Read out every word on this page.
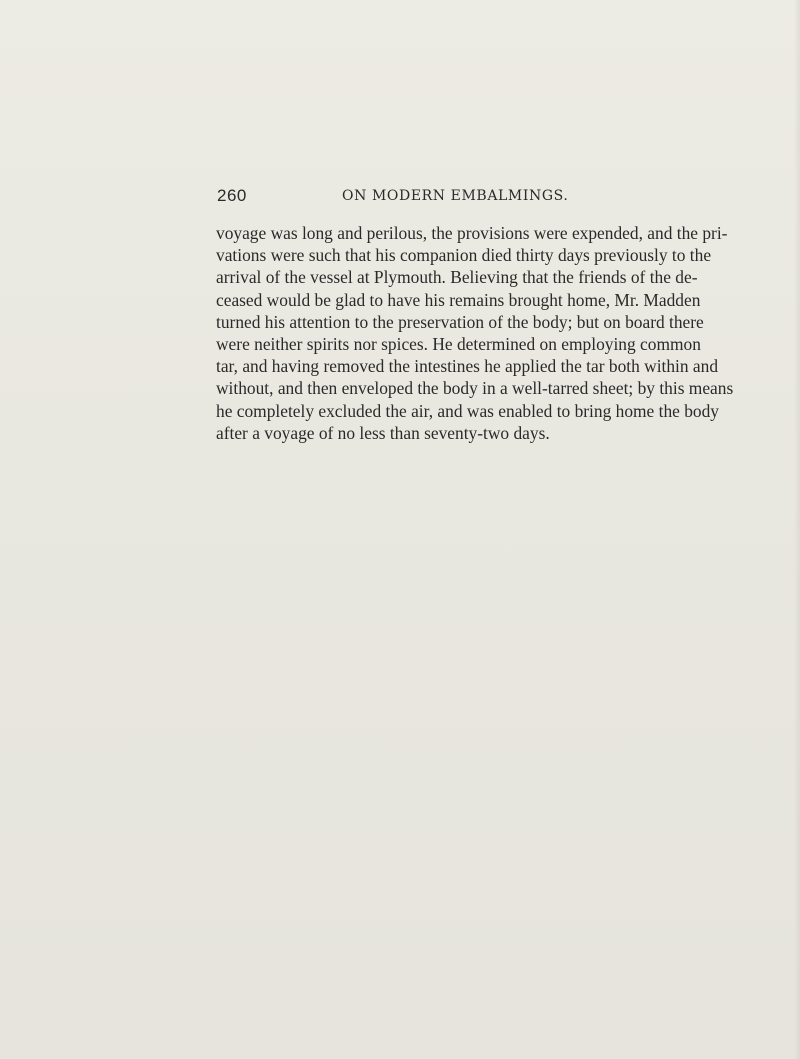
260	ON MODERN EMBALMINGS.
voyage was long and perilous, the provisions were expended, and the pri-
vations were such that his companion died thirty days previously to the
arrival of the vessel at Plymouth. Believing that the friends of the de-
ceased would be glad to have his remains brought home, Mr. Madden
turned his attention to the preservation of the body; but on board there
were neither spirits nor spices. He determined on employing common
tar, and having removed the intestines he applied the tar both within and
without, and then enveloped the body in a well-tarred sheet; by this means
he completely excluded the air, and was enabled to bring home the body
after a voyage of no less than seventy-two days.
